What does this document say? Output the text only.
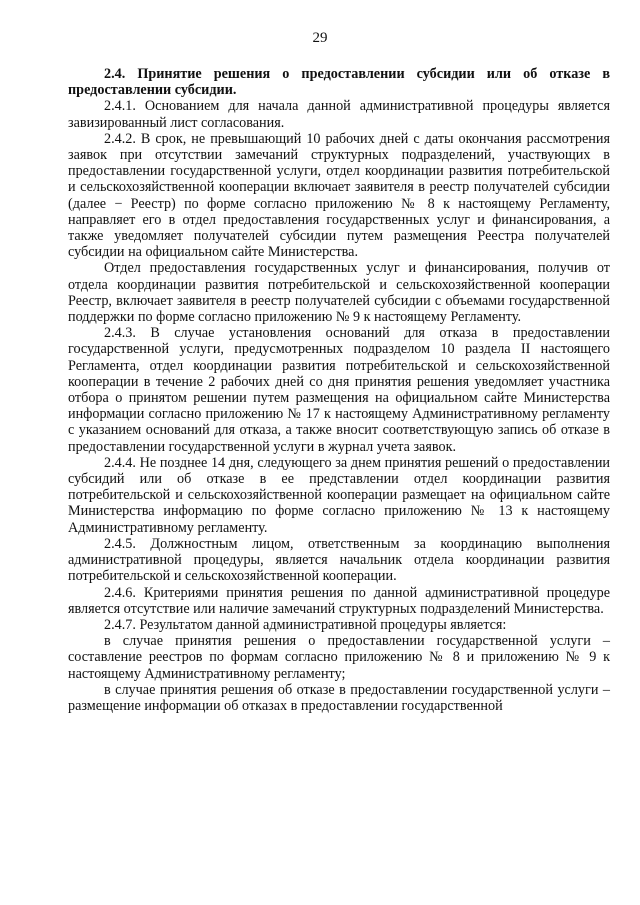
29

2.4. Принятие решения о предоставлении субсидии или об отказе в предоставлении субсидии.

2.4.1. Основанием для начала данной административной процедуры является завизированный лист согласования.

2.4.2. В срок, не превышающий 10 рабочих дней с даты окончания рассмотрения заявок при отсутствии замечаний структурных подразделений, участвующих в предоставлении государственной услуги, отдел координации развития потребительской и сельскохозяйственной кооперации включает заявителя в реестр получателей субсидии (далее − Реестр) по форме согласно приложению № 8 к настоящему Регламенту, направляет его в отдел предоставления государственных услуг и финансирования, а также уведомляет получателей субсидии путем размещения Реестра получателей субсидии на официальном сайте Министерства.

Отдел предоставления государственных услуг и финансирования, получив от отдела координации развития потребительской и сельскохозяйственной кооперации Реестр, включает заявителя в реестр получателей субсидии с объемами государственной поддержки по форме согласно приложению № 9 к настоящему Регламенту.

2.4.3. В случае установления оснований для отказа в предоставлении государственной услуги, предусмотренных подразделом 10 раздела II настоящего Регламента, отдел координации развития потребительской и сельскохозяйственной кооперации в течение 2 рабочих дней со дня принятия решения уведомляет участника отбора о принятом решении путем размещения на официальном сайте Министерства информации согласно приложению № 17 к настоящему Административному регламенту с указанием оснований для отказа, а также вносит соответствующую запись об отказе в предоставлении государственной услуги в журнал учета заявок.

2.4.4. Не позднее 14 дня, следующего за днем принятия решений о предоставлении субсидий или об отказе в ее представлении отдел координации развития потребительской и сельскохозяйственной кооперации размещает на официальном сайте Министерства информацию по форме согласно приложению № 13 к настоящему Административному регламенту.

2.4.5. Должностным лицом, ответственным за координацию выполнения административной процедуры, является начальник отдела координации развития потребительской и сельскохозяйственной кооперации.

2.4.6. Критериями принятия решения по данной административной процедуре является отсутствие или наличие замечаний структурных подразделений Министерства.

2.4.7. Результатом данной административной процедуры является:

в случае принятия решения о предоставлении государственной услуги – составление реестров по формам согласно приложению № 8 и приложению № 9 к настоящему Административному регламенту;

в случае принятия решения об отказе в предоставлении государственной услуги – размещение информации об отказах в предоставлении государственной
